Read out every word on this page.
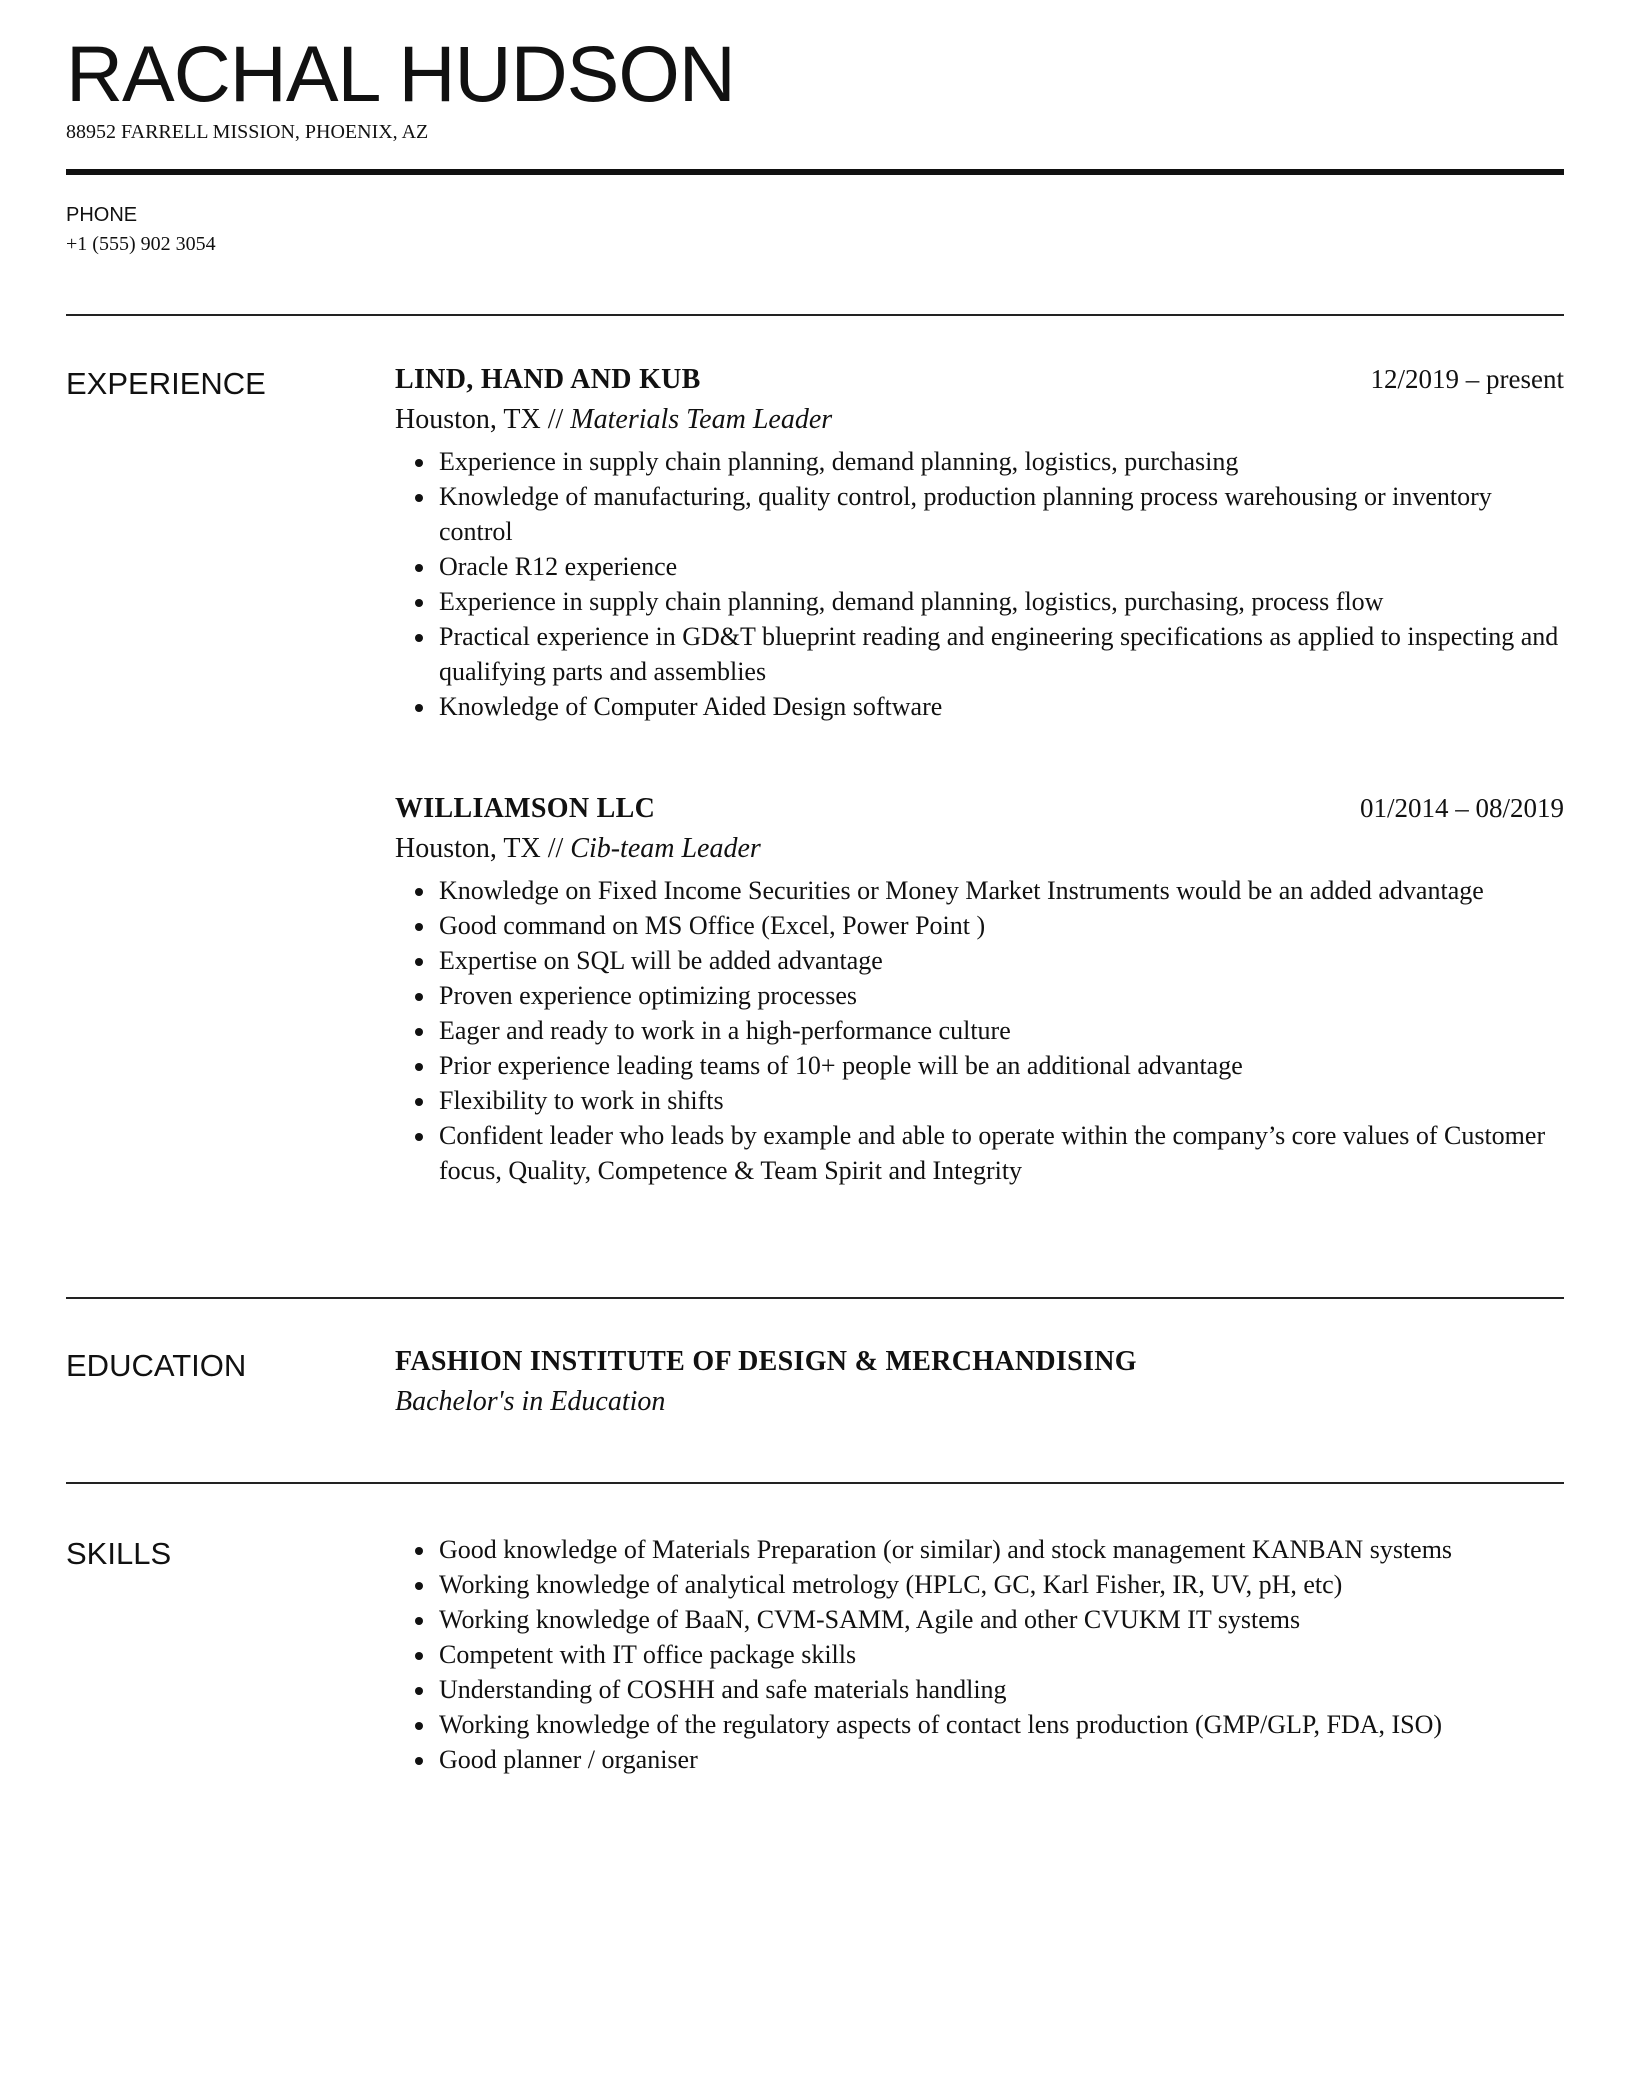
RACHAL HUDSON
88952 FARRELL MISSION, PHOENIX, AZ
PHONE
+1 (555) 902 3054
EXPERIENCE	LIND, HAND AND KUB	12/2019 – present
Houston, TX // Materials Team Leader
• Experience in supply chain planning, demand planning, logistics, purchasing
• Knowledge of manufacturing, quality control, production planning process warehousing or inventory control
• Oracle R12 experience
• Experience in supply chain planning, demand planning, logistics, purchasing, process flow
• Practical experience in GD&T blueprint reading and engineering specifications as applied to inspecting and qualifying parts and assemblies
• Knowledge of Computer Aided Design software
WILLIAMSON LLC	01/2014 – 08/2019
Houston, TX // Cib-team Leader
• Knowledge on Fixed Income Securities or Money Market Instruments would be an added advantage
• Good command on MS Office (Excel, Power Point )
• Expertise on SQL will be added advantage
• Proven experience optimizing processes
• Eager and ready to work in a high-performance culture
• Prior experience leading teams of 10+ people will be an additional advantage
• Flexibility to work in shifts
• Confident leader who leads by example and able to operate within the company’s core values of Customer focus, Quality, Competence & Team Spirit and Integrity
EDUCATION	FASHION INSTITUTE OF DESIGN & MERCHANDISING
Bachelor's in Education
SKILLS
•	Good knowledge of Materials Preparation (or similar) and stock management KANBAN systems
• Working knowledge of analytical metrology (HPLC, GC, Karl Fisher, IR, UV, pH, etc)
• Working knowledge of BaaN, CVM-SAMM, Agile and other CVUKM IT systems
• Competent with IT office package skills
• Understanding of COSHH and safe materials handling
• Working knowledge of the regulatory aspects of contact lens production (GMP/GLP, FDA, ISO)
• Good planner / organiser
